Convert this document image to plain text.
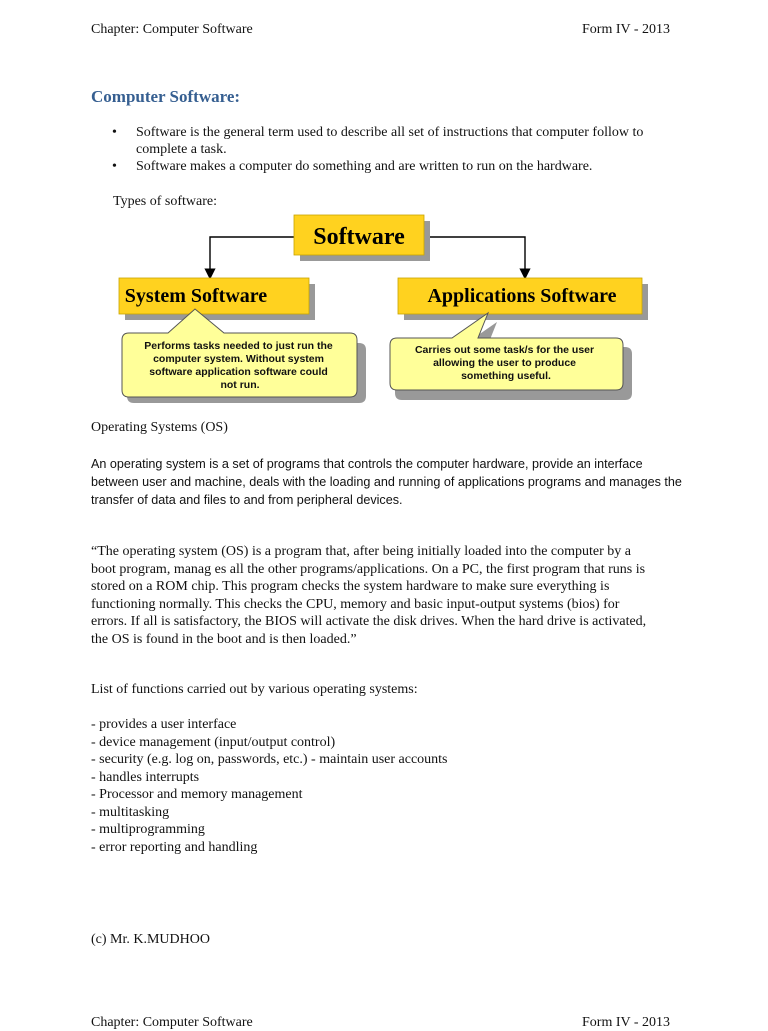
Chapter: Computer Software	Form IV - 2013
Computer Software:
• Software is the general term used to describe all set of instructions that computer follow to complete a task.
• Software makes a computer do something and are written to run on the hardware.
Types of software:
Software
System Software	Applications Software
Performs tasks needed to just run the computer system. Without system software application software could not run.
Carries out some task/s for the user allowing the user to produce something useful.
Operating Systems (OS)
An operating system is a set of programs that controls the computer hardware, provide an interface between user and machine, deals with the loading and running of applications programs and manages the transfer of data and files to and from peripheral devices.
“The operating system (OS) is a program that, after being initially loaded into the computer by a boot program, manag es all the other programs/applications. On a PC, the first program that runs is stored on a ROM chip. This program checks the system hardware to make sure everything is functioning normally. This checks the CPU, memory and basic input-output systems (bios) for errors. If all is satisfactory, the BIOS will activate the disk drives. When the hard drive is activated, the OS is found in the boot and is then loaded.”
List of functions carried out by various operating systems:
- provides a user interface
- device management (input/output control)
- security (e.g. log on, passwords, etc.) - maintain user accounts
- handles interrupts
- Processor and memory management
- multitasking
- multiprogramming
- error reporting and handling
(c) Mr. K.MUDHOO
Chapter: Computer Software	Form IV - 2013
